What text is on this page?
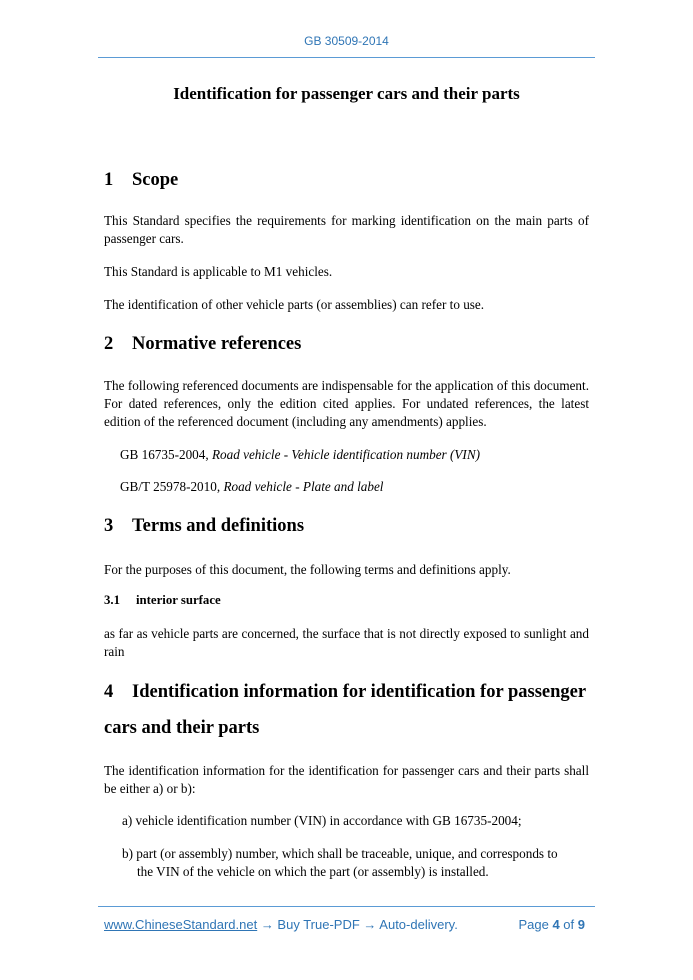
GB 30509-2014
Identification for passenger cars and their parts
1 Scope
This Standard specifies the requirements for marking identification on the main parts of passenger cars.
This Standard is applicable to M1 vehicles.
The identification of other vehicle parts (or assemblies) can refer to use.
2 Normative references
The following referenced documents are indispensable for the application of this document. For dated references, only the edition cited applies. For undated references, the latest edition of the referenced document (including any amendments) applies.
GB 16735-2004, Road vehicle - Vehicle identification number (VIN)
GB/T 25978-2010, Road vehicle - Plate and label
3 Terms and definitions
For the purposes of this document, the following terms and definitions apply.
3.1 interior surface
as far as vehicle parts are concerned, the surface that is not directly exposed to sunlight and rain
4 Identification information for identification for passenger
cars and their parts
The identification information for the identification for passenger cars and their parts shall be either a) or b):
a) vehicle identification number (VIN) in accordance with GB 16735-2004;
b) part (or assembly) number, which shall be traceable, unique, and corresponds to
the VIN of the vehicle on which the part (or assembly) is installed.
www.ChineseStandard.net → Buy True-PDF → Auto-delivery.	Page 4 of 9
